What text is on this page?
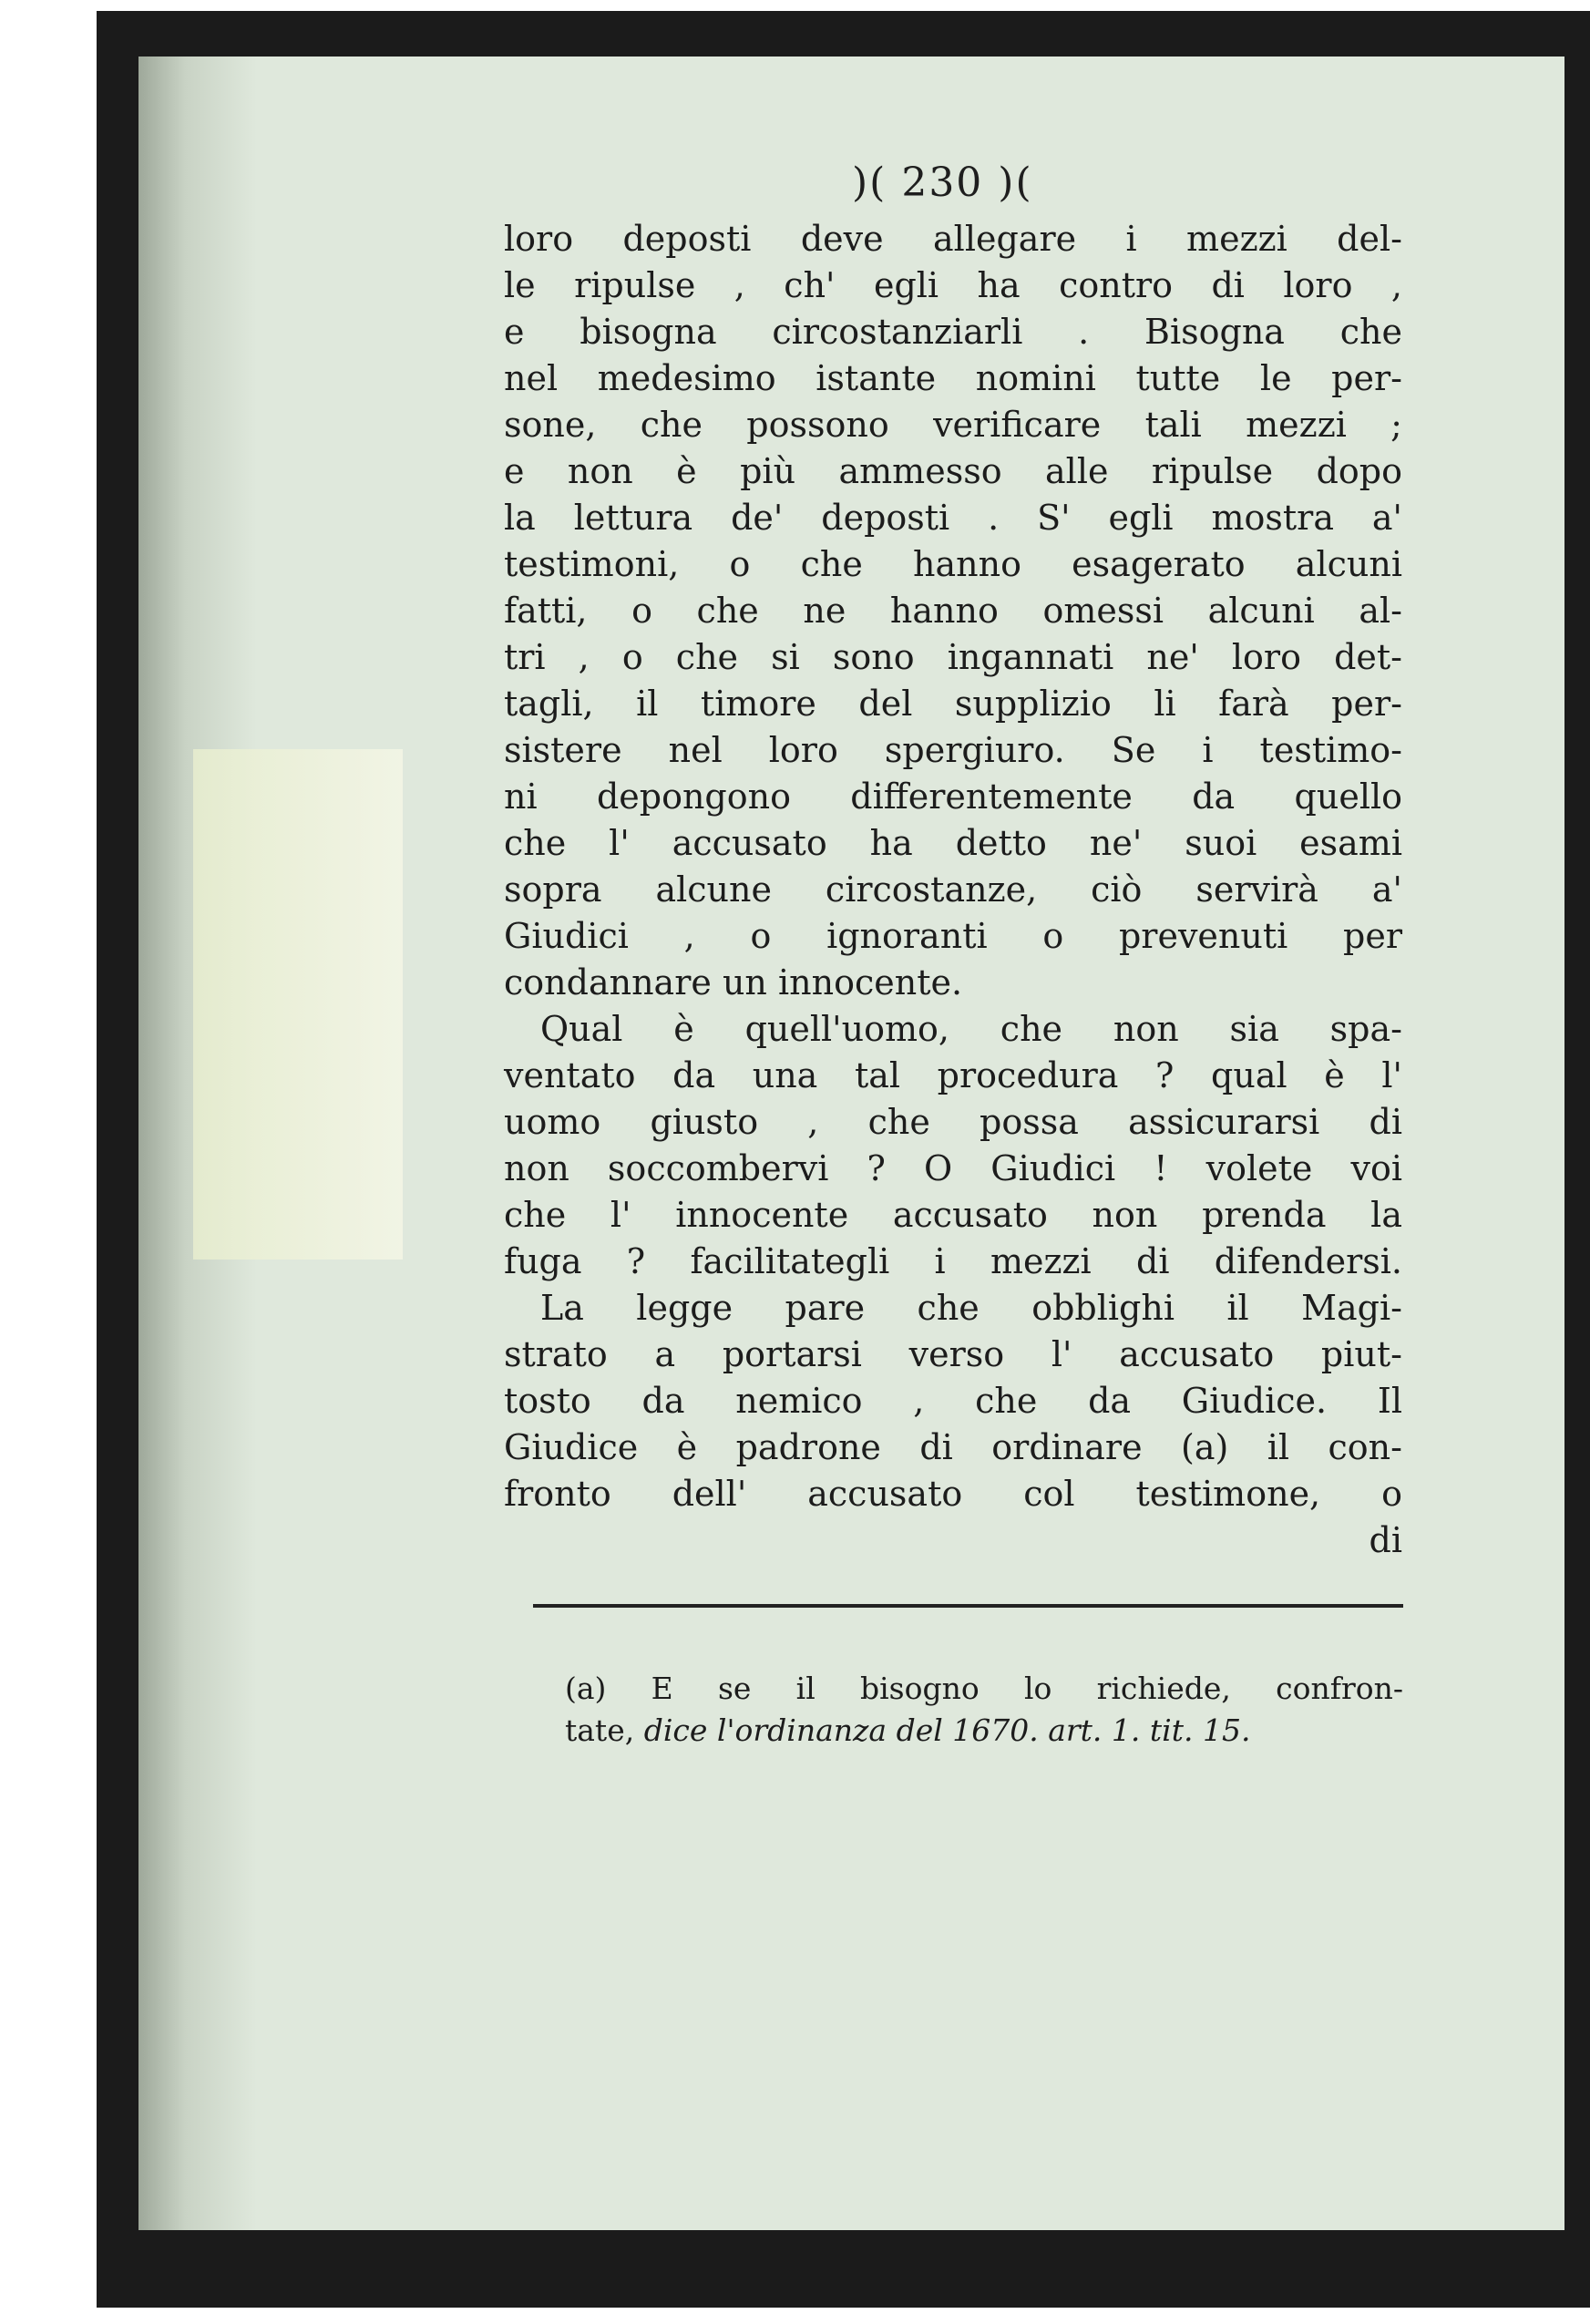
)( 230 )(
loro deposti deve allegare i mezzi del-
le ripulse , ch' egli ha contro di loro ,
e bisogna circostanziarli . Bisogna che
nel medesimo istante nomini tutte le per-
sone, che possono verificare tali mezzi ;
e non è più ammesso alle ripulse dopo
la lettura de' deposti . S' egli mostra a'
testimoni, o che hanno esagerato alcuni
fatti, o che ne hanno omessi alcuni al-
tri , o che si sono ingannati ne' loro det-
tagli, il timore del supplizio li farà per-
sistere nel loro spergiuro. Se i testimo-
ni depongono differentemente da quello
che l' accusato ha detto ne' suoi esami
sopra alcune circostanze, ciò servirà a'
Giudici , o ignoranti o prevenuti per
condannare un innocente.
Qual è quell'uomo, che non sia spa-
ventato da una tal procedura ? qual è l'
uomo giusto , che possa assicurarsi di
non soccombervi ? O Giudici ! volete voi
che l' innocente accusato non prenda la
fuga ? facilitategli i mezzi di difendersi.
La legge pare che obblighi il Magi-
strato a portarsi verso l' accusato piut-
tosto da nemico , che da Giudice. Il
Giudice è padrone di ordinare (a) il con-
fronto dell' accusato col testimone, o
di
(a) E se il bisogno lo richiede, confron-
tate, dice l'ordinanza del 1670. art. 1. tit. 15.
